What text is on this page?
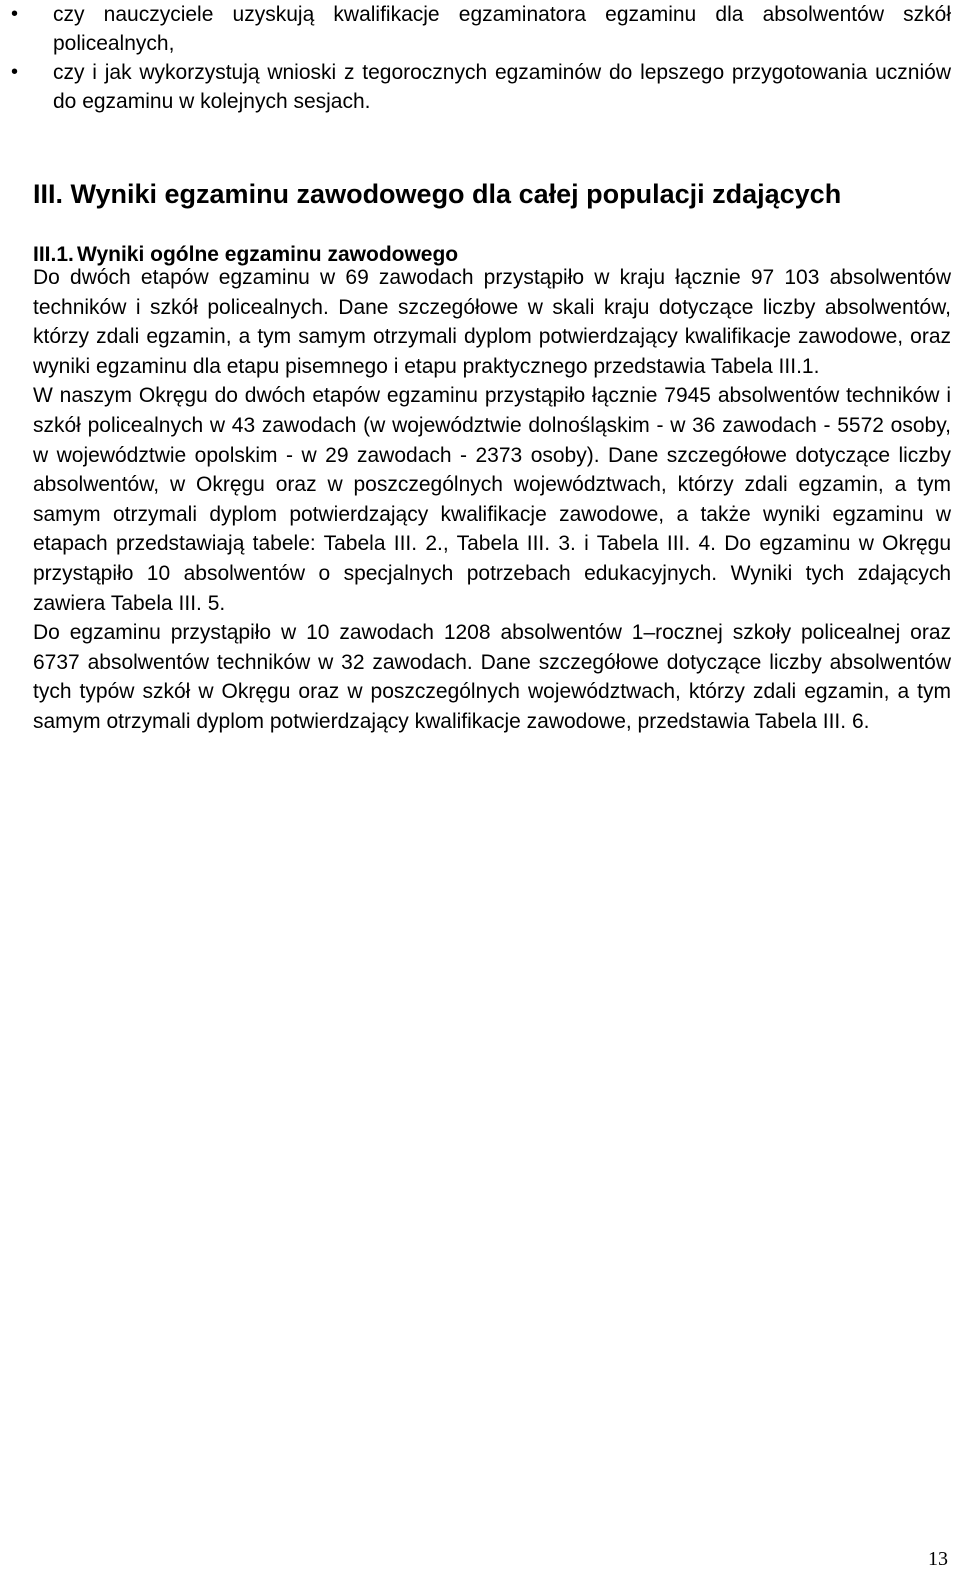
• czy nauczyciele uzyskują kwalifikacje egzaminatora egzaminu dla absolwentów szkół policealnych,
• czy i jak wykorzystują wnioski z tegorocznych egzaminów do lepszego przygotowania uczniów do egzaminu w kolejnych sesjach.
III. Wyniki egzaminu zawodowego dla całej populacji zdających
III.1. Wyniki ogólne egzaminu zawodowego

Do dwóch etapów egzaminu w 69 zawodach przystąpiło w kraju łącznie 97 103 absolwentów techników i szkół policealnych. Dane szczegółowe w skali kraju dotyczące liczby absolwentów, którzy zdali egzamin, a tym samym otrzymali dyplom potwierdzający kwalifikacje zawodowe, oraz wyniki egzaminu dla etapu pisemnego i etapu praktycznego przedstawia Tabela III.1.

W naszym Okręgu do dwóch etapów egzaminu przystąpiło łącznie 7945 absolwentów techników i szkół policealnych w 43 zawodach (w województwie dolnośląskim - w 36 zawodach - 5572 osoby, w województwie opolskim - w 29 zawodach - 2373 osoby). Dane szczegółowe dotyczące liczby absolwentów, w Okręgu oraz w poszczególnych województwach, którzy zdali egzamin, a tym samym otrzymali dyplom potwierdzający kwalifikacje zawodowe, a także wyniki egzaminu w etapach przedstawiają tabele: Tabela III. 2., Tabela III. 3. i Tabela III. 4. Do egzaminu w Okręgu przystąpiło 10 absolwentów o specjalnych potrzebach edukacyjnych. Wyniki tych zdających zawiera Tabela III. 5.

Do egzaminu przystąpiło w 10 zawodach 1208 absolwentów 1–rocznej szkoły policealnej oraz 6737 absolwentów techników w 32 zawodach. Dane szczegółowe dotyczące liczby absolwentów tych typów szkół w Okręgu oraz w poszczególnych województwach, którzy zdali egzamin, a tym samym otrzymali dyplom potwierdzający kwalifikacje zawodowe, przedstawia Tabela III. 6.

13
